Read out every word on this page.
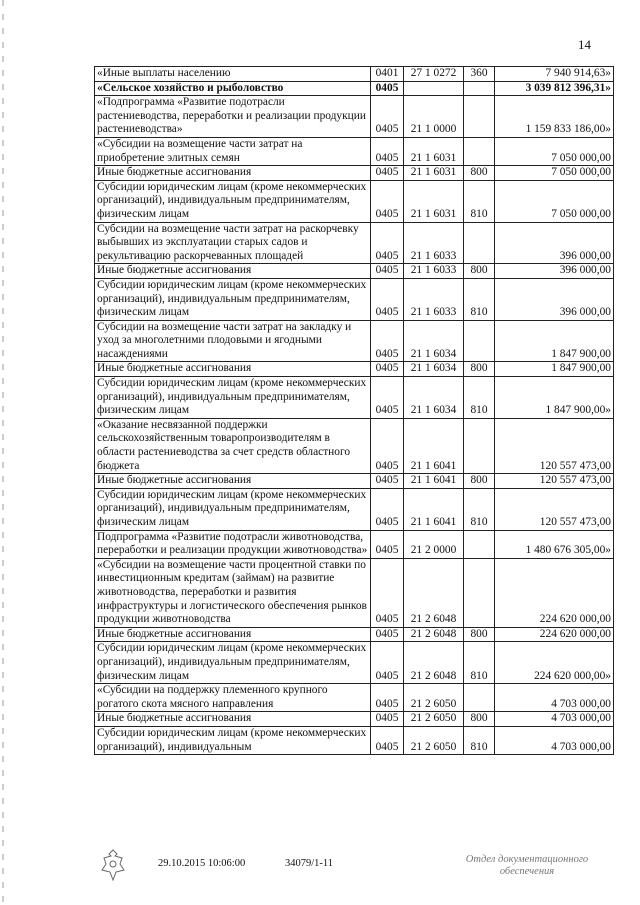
14
«Иные выплаты населению	0401	27 1 0272	360	7 940 914,63»
«Сельское хозяйство и рыболовство	0405			3 039 812 396,31»
«Подпрограмма «Развитие подотрасли растениеводства, переработки и реализации продукции растениеводства»	0405	21 1 0000		1 159 833 186,00»
«Субсидии на возмещение части затрат на приобретение элитных семян	0405	21 1 6031		7 050 000,00
Иные бюджетные ассигнования	0405	21 1 6031	800	7 050 000,00
Субсидии юридическим лицам (кроме некоммерческих организаций), индивидуальным предпринимателям, физическим лицам	0405	21 1 6031	810	7 050 000,00
Субсидии на возмещение части затрат на раскорчевку выбывших из эксплуатации старых садов и рекультивацию раскорчеванных площадей	0405	21 1 6033		396 000,00
Иные бюджетные ассигнования	0405	21 1 6033	800	396 000,00
Субсидии юридическим лицам (кроме некоммерческих организаций), индивидуальным предпринимателям, физическим лицам	0405	21 1 6033	810	396 000,00
Субсидии на возмещение части затрат на закладку и уход за многолетними плодовыми и ягодными насаждениями	0405	21 1 6034		1 847 900,00
Иные бюджетные ассигнования	0405	21 1 6034	800	1 847 900,00
Субсидии юридическим лицам (кроме некоммерческих организаций), индивидуальным предпринимателям, физическим лицам	0405	21 1 6034	810	1 847 900,00»
«Оказание несвязанной поддержки сельскохозяйственным товаропроизводителям в области растениеводства за счет средств областного бюджета	0405	21 1 6041		120 557 473,00
Иные бюджетные ассигнования	0405	21 1 6041	800	120 557 473,00
Субсидии юридическим лицам (кроме некоммерческих организаций), индивидуальным предпринимателям, физическим лицам	0405	21 1 6041	810	120 557 473,00
Подпрограмма «Развитие подотрасли животноводства, переработки и реализации продукции животноводства»	0405	21 2 0000		1 480 676 305,00»
«Субсидии на возмещение части процентной ставки по инвестиционным кредитам (займам) на развитие животноводства, переработки и развития инфраструктуры и логистического обеспечения рынков продукции животноводства	0405	21 2 6048		224 620 000,00
Иные бюджетные ассигнования	0405	21 2 6048	800	224 620 000,00
Субсидии юридическим лицам (кроме некоммерческих организаций), индивидуальным предпринимателям, физическим лицам	0405	21 2 6048	810	224 620 000,00»
«Субсидии на поддержку племенного крупного рогатого скота мясного направления	0405	21 2 6050		4 703 000,00
Иные бюджетные ассигнования	0405	21 2 6050	800	4 703 000,00
Субсидии юридическим лицам (кроме некоммерческих организаций), индивидуальным	0405	21 2 6050	810	4 703 000,00
29.10.2015 10:06:00	34079/1-11	Отдел документационного обеспечения
